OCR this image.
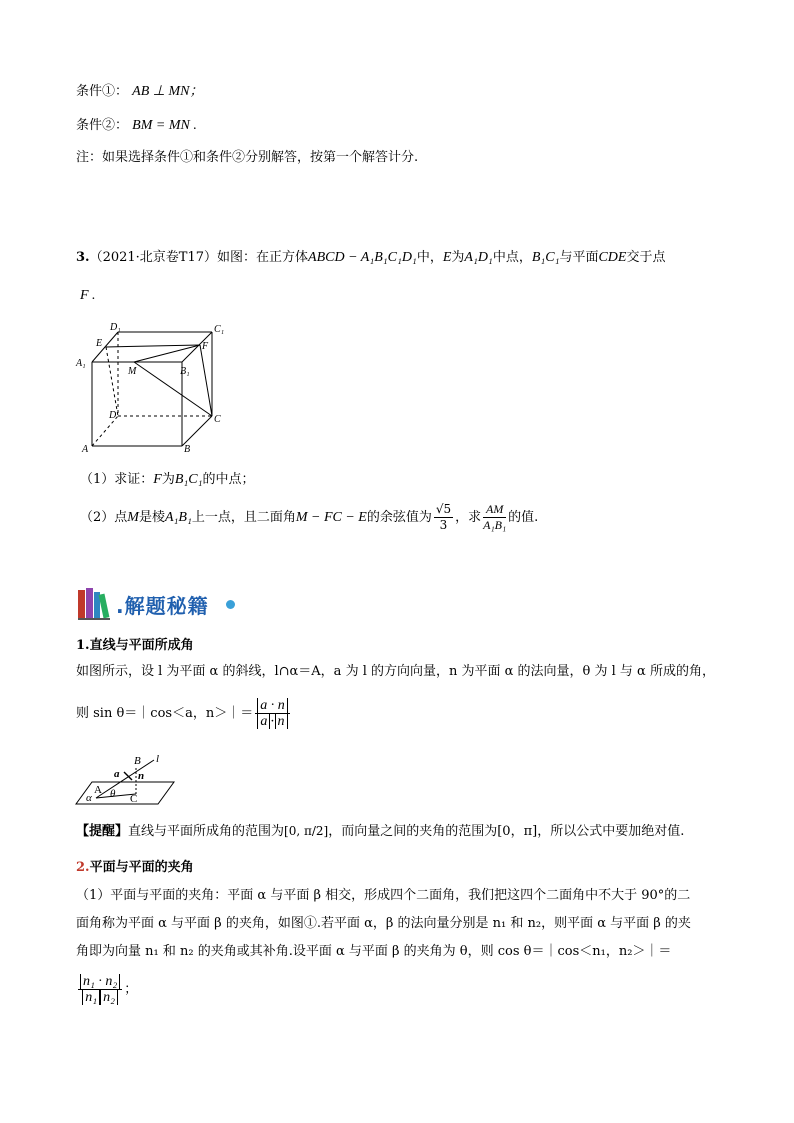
条件①： AB ⊥ MN；
条件②： BM = MN .
注：如果选择条件①和条件②分别解答，按第一个解答计分.
3.（2021·北京卷T17）如图：在正方体ABCD − A₁B₁C₁D₁中，E为A₁D₁中点，B₁C₁与平面CDE交于点
F .
D₁	C₁
E	F
A₁
M	B₁
D	C
A	B
（1）求证：F为B₁C₁的中点；
（2）点M是棱A₁B₁上一点，且二面角M − FC − E的余弦值为 $\frac{√5}{3}$ ，求 $\frac{AM}{\text{A₁B₁}}$ 的值.
.解题秘籍
1.直线与平面所成角
如图所示，设 l 为平面 α 的斜线，l∩α＝A，a 为 l 的方向向量，n 为平面 α 的法向量，θ 为 l 与 α 所成的角，
则 sin θ＝｜cos＜a，n＞｜＝ $\frac{a \cdot n}{a \cdot n}$
B l
a n
A θ
α	C
【提醒】直线与平面所成角的范围为[0, π/2]，而向量之间的夹角的范围为[0，π]，所以公式中要加绝对值.
2.平面与平面的夹角
（1）平面与平面的夹角：平面 α 与平面 β 相交，形成四个二面角，我们把这四个二面角中不大于 90°的二
面角称为平面 α 与平面 β 的夹角，如图①.若平面 α，β 的法向量分别是 n₁ 和 n₂，则平面 α 与平面 β 的夹
角即为向量 n₁ 和 n₂ 的夹角或其补角.设平面 α 与平面 β 的夹角为 θ，则 cos θ＝｜cos＜n₁，n₂＞｜＝
$\frac{\text{n₁ · n₂}}{\text{n₁ n₂}}$ ；
